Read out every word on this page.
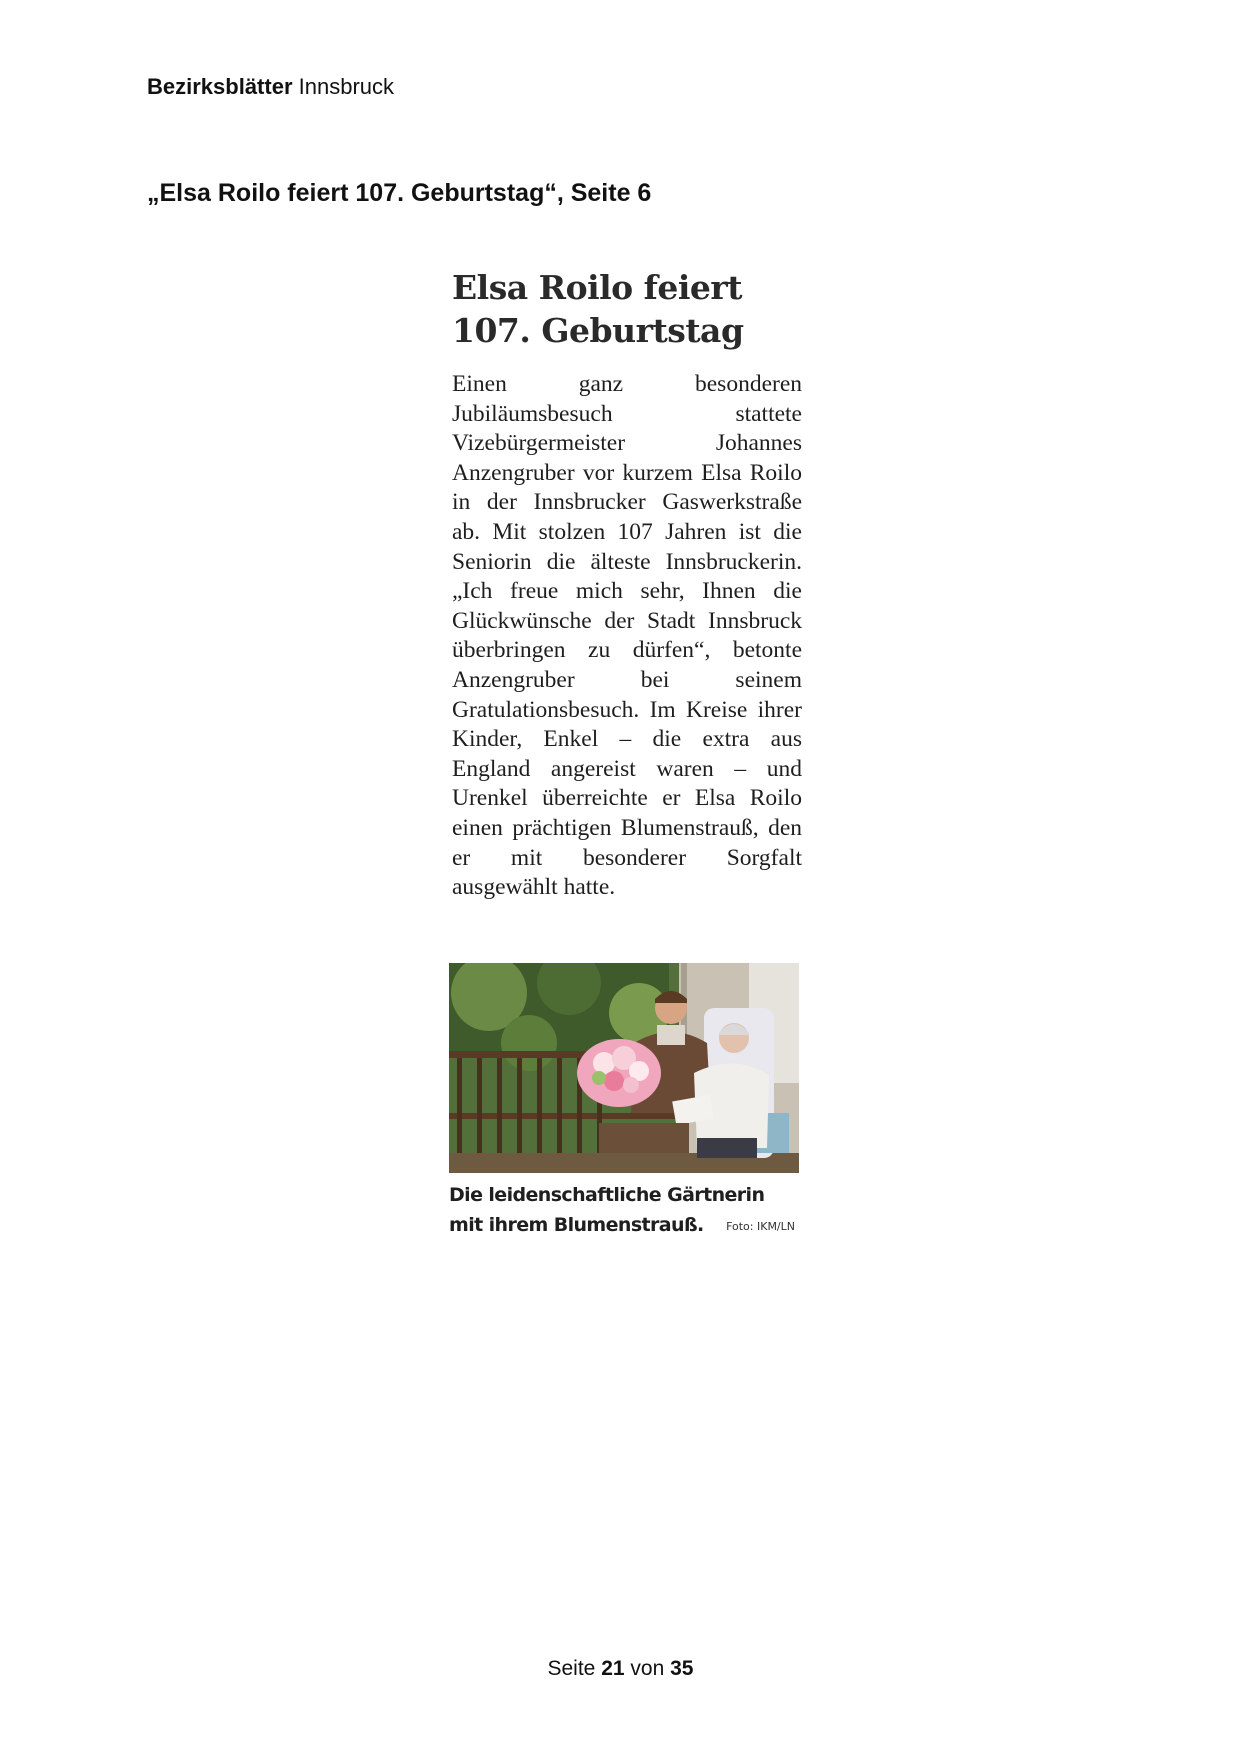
Bezirksblätter Innsbruck
„Elsa Roilo feiert 107. Geburtstag“, Seite 6
Elsa Roilo feiert
107. Geburtstag

Einen ganz besonderen Jubiläumsbesuch stattete Vizebürgermeister Johannes Anzengruber vor kurzem Elsa Roilo in der Innsbrucker Gaswerkstraße ab. Mit stolzen 107 Jahren ist die Seniorin die älteste Innsbruckerin. „Ich freue mich sehr, Ihnen die Glückwünsche der Stadt Innsbruck überbringen zu dürfen“, betonte Anzengruber bei seinem Gratulationsbesuch. Im Kreise ihrer Kinder, Enkel – die extra aus England angereist waren – und Urenkel überreichte er Elsa Roilo einen prächtigen Blumenstrauß, den er mit besonderer Sorgfalt ausgewählt hatte.

Die leidenschaftliche Gärtnerin mit ihrem Blumenstrauß.	Foto: IKM/LN
Seite 21 von 35
